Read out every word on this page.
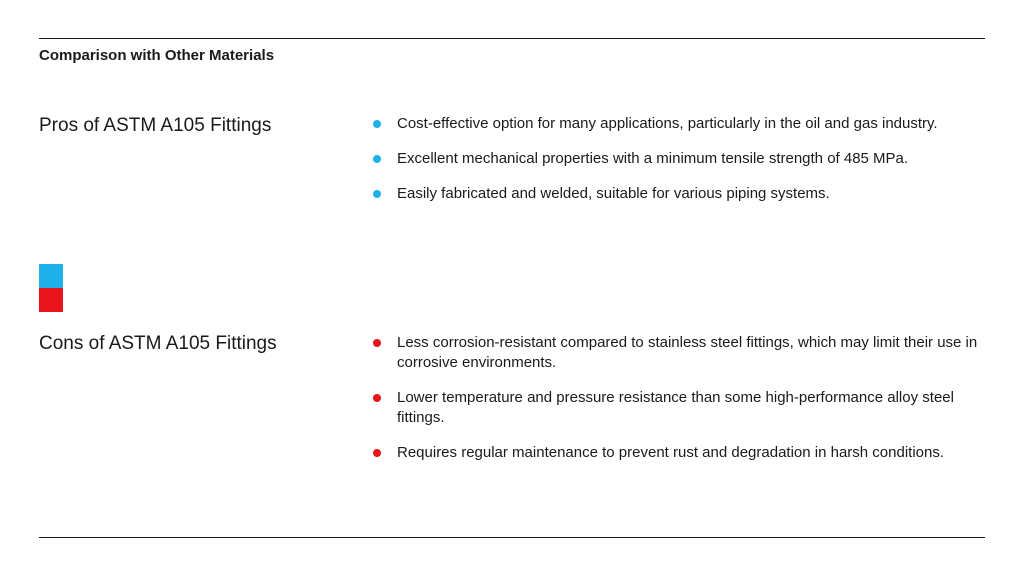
Comparison with Other Materials
Pros of ASTM A105 Fittings	Cost-effective option for many applications, particularly in the oil and gas industry.
Excellent mechanical properties with a minimum tensile strength of 485 MPa.
Easily fabricated and welded, suitable for various piping systems.
Cons of ASTM A105 Fittings	Less corrosion-resistant compared to stainless steel fittings, which may limit their use in corrosive environments.
Lower temperature and pressure resistance than some high-performance alloy steel fittings.
Requires regular maintenance to prevent rust and degradation in harsh conditions.
